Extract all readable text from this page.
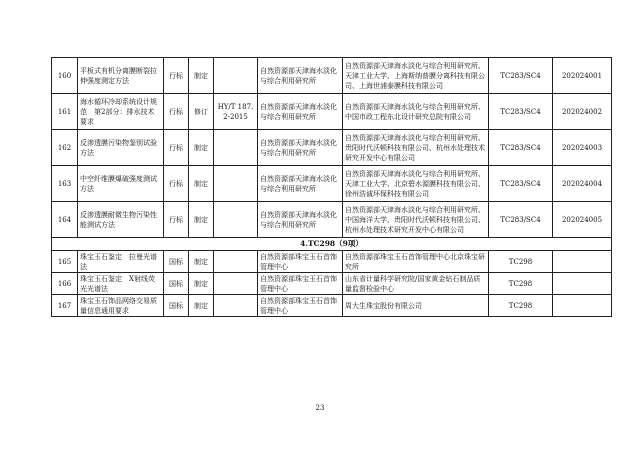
160	平板式有机分离膜断裂拉伸强度测定方法	行标	制定		自然资源部天津海水淡化与综合利用研究所	自然资源部天津海水淡化与综合利用研究所、天津工业大学、上海斯纳普膜分离科技有限公司、上海世浦泰膜科技有限公司	TC283/SC4	202024001
161	海水循环冷却系统设计规范　第2部分：排水技术要求	行标	修订	HY/T 187.2-2015	自然资源部天津海水淡化与综合利用研究所	自然资源部天津海水淡化与综合利用研究所、中国市政工程东北设计研究总院有限公司	TC283/SC4	202024002
162	反渗透膜污染物鉴别试验方法	行标	制定		自然资源部天津海水淡化与综合利用研究所	自然资源部天津海水淡化与综合利用研究所、贵阳时代沃顿科技有限公司、杭州水处理技术研究开发中心有限公司	TC283/SC4	202024003
163	中空纤维膜爆破强度测试方法	行标	制定		自然资源部天津海水淡化与综合利用研究所	自然资源部天津海水淡化与综合利用研究所、天津工业大学、北京碧水源膜科技有限公司、徐州浩诚环保科技有限公司	TC283/SC4	202024004
164	反渗透膜耐微生物污染性能测试方法	行标	制定		自然资源部天津海水淡化与综合利用研究所	自然资源部天津海水淡化与综合利用研究所、中国海洋大学、贵阳时代沃顿科技有限公司、杭州水处理技术研究开发中心有限公司	TC283/SC4	202024005
4.TC298（9项）								
165	珠宝玉石鉴定　拉曼光谱法	国标	制定		自然资源部珠宝玉石首饰管理中心	自然资源部珠宝玉石首饰管理中心北京珠宝研究所	TC298	
166	珠宝玉石鉴定　X射线荧光光谱法	国标	制定		自然资源部珠宝玉石首饰管理中心	山东省计量科学研究院/国家黄金钻石制品质量监督检验中心	TC298	
167	珠宝玉石饰品网络交易质量信息通用要求	国标	制定		自然资源部珠宝玉石首饰管理中心	周大生珠宝股份有限公司	TC298	
23
